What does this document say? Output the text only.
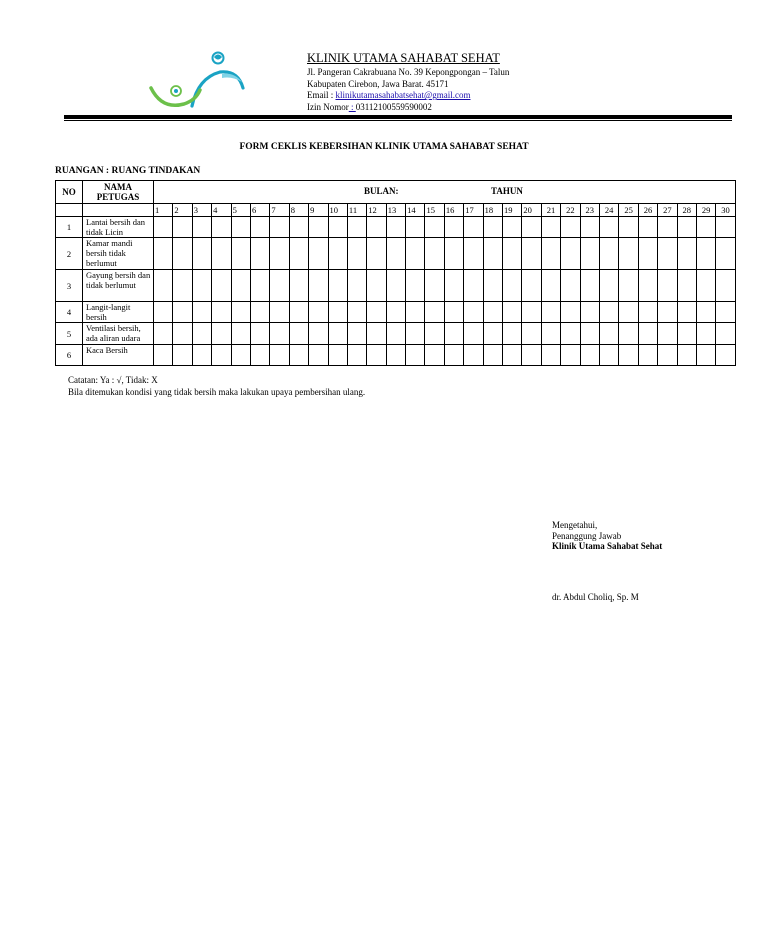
KLINIK UTAMA SAHABAT SEHAT
Jl. Pangeran Cakrabuana No. 39 Kepongpongan – Talun
Kabupaten Cirebon, Jawa Barat. 45171
Email : klinikutamasahabatsehat@gmail.com
Izin Nomor : 03112100559590002
FORM CEKLIS KEBERSIHAN KLINIK UTAMA SAHABAT SEHAT
RUANGAN : RUANG TINDAKAN
NO	NAMA PETUGAS	BULAN: TAHUN																													

		1	2	3	4	5	6	7	8	9	10	11	12	13	14	15	16	17	18	19	20	21	22	23	24	25	26	27	28	29	30
1	Lantai bersih dan tidak Licin																														
2	Kamar mandi bersih tidak berlumut																														
3	Gayung bersih dan tidak berlumut																														
4	Langit-langit bersih																														
5	Ventilasi bersih, ada aliran udara																														
6	Kaca Bersih																														
Catatan: Ya : √, Tidak: X
Bila ditemukan kondisi yang tidak bersih maka lakukan upaya pembersihan ulang.
Mengetahui,
Penanggung Jawab
Klinik Utama Sahabat Sehat
dr. Abdul Choliq, Sp. M
